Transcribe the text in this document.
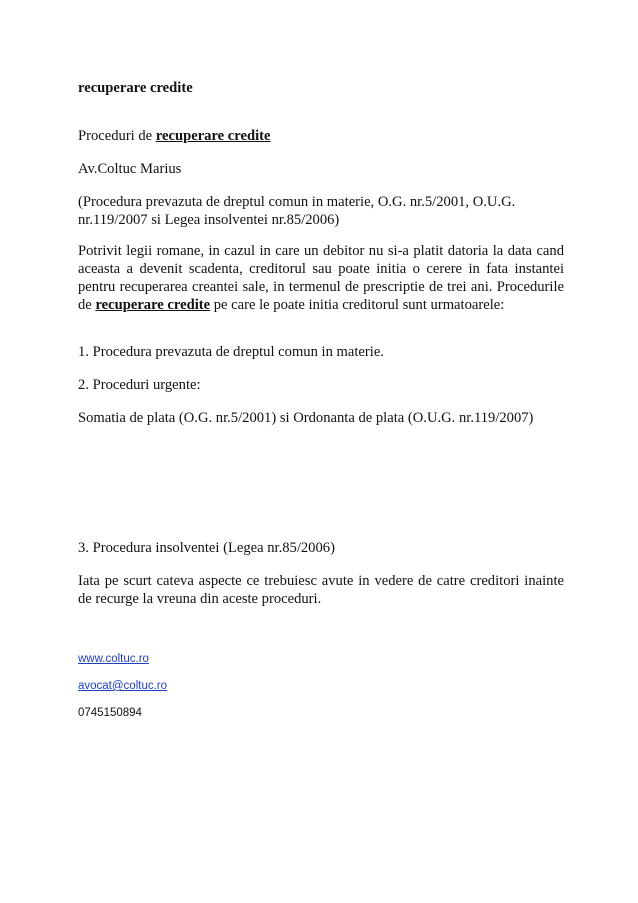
recuperare credite

Proceduri de recuperare credite

Av.Coltuc Marius

(Procedura prevazuta de dreptul comun in materie, O.G. nr.5/2001, O.U.G. nr.119/2007 si Legea insolventei nr.85/2006)

Potrivit legii romane, in cazul in care un debitor nu si-a platit datoria la data cand aceasta a devenit scadenta, creditorul sau poate initia o cerere in fata instantei pentru recuperarea creantei sale, in termenul de prescriptie de trei ani. Procedurile de recuperare credite pe care le poate initia creditorul sunt urmatoarele:

1. Procedura prevazuta de dreptul comun in materie.

2. Proceduri urgente:

Somatia de plata (O.G. nr.5/2001) si Ordonanta de plata (O.U.G. nr.119/2007)

3. Procedura insolventei (Legea nr.85/2006)

Iata pe scurt cateva aspecte ce trebuiesc avute in vedere de catre creditori inainte de recurge la vreuna din aceste proceduri.

www.coltuc.ro

avocat@coltuc.ro

0745150894
